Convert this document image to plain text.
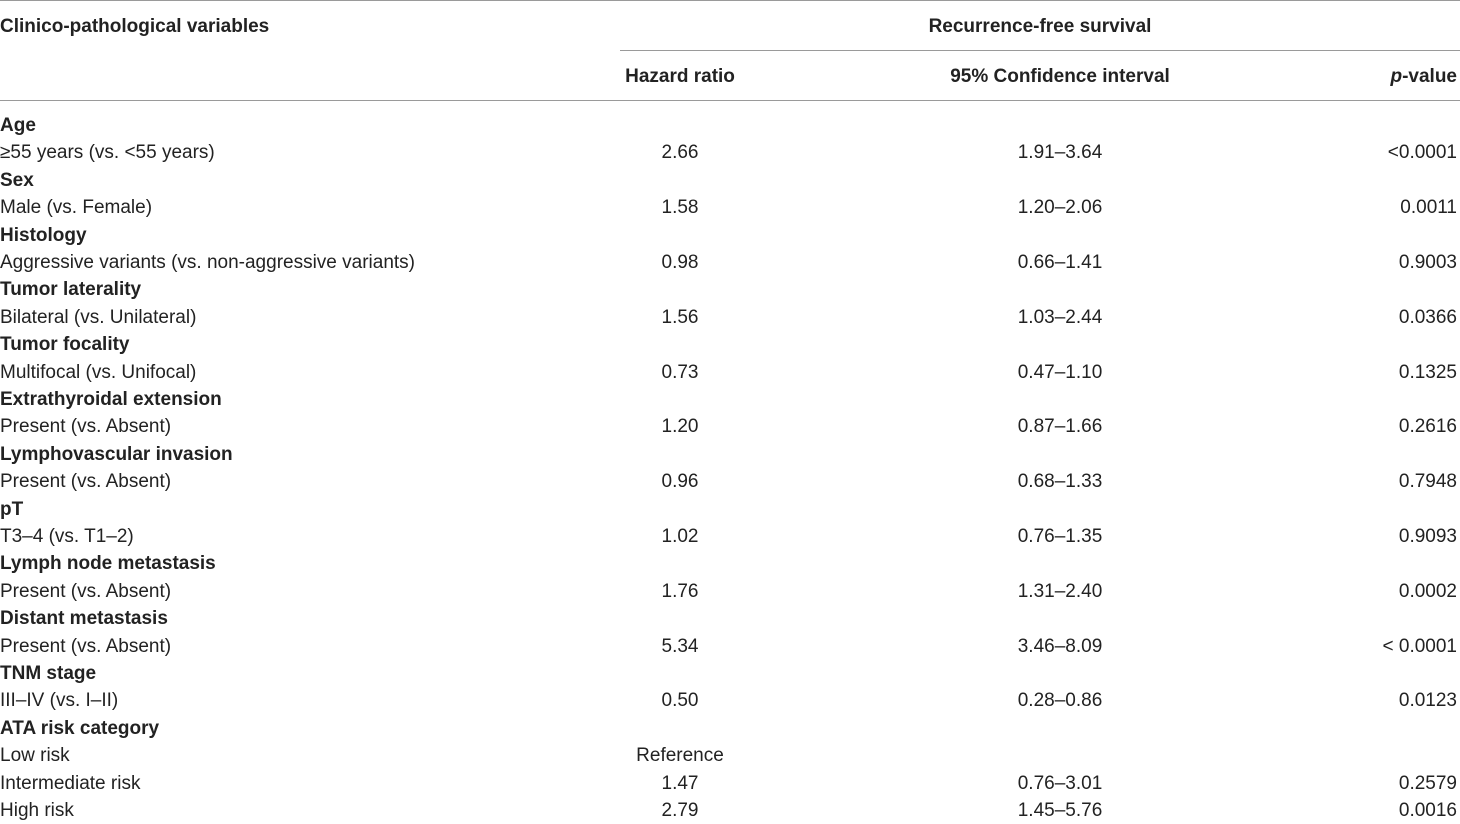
Clinico-pathological variables	Recurrence-free survival
Hazard ratio	95% Confidence interval	p-value
Age
≥55 years (vs. <55 years)	2.66	1.91–3.64	<0.0001
Sex
Male (vs. Female)	1.58	1.20–2.06	0.0011
Histology
Aggressive variants (vs. non-aggressive variants)	0.98	0.66–1.41	0.9003
Tumor laterality
Bilateral (vs. Unilateral)	1.56	1.03–2.44	0.0366
Tumor focality
Multifocal (vs. Unifocal)	0.73	0.47–1.10	0.1325
Extrathyroidal extension
Present (vs. Absent)	1.20	0.87–1.66	0.2616
Lymphovascular invasion
Present (vs. Absent)	0.96	0.68–1.33	0.7948
pT
T3–4 (vs. T1–2)	1.02	0.76–1.35	0.9093
Lymph node metastasis
Present (vs. Absent)	1.76	1.31–2.40	0.0002
Distant metastasis
Present (vs. Absent)	5.34	3.46–8.09	< 0.0001
TNM stage
III–IV (vs. I–II)	0.50	0.28–0.86	0.0123
ATA risk category
Low risk	Reference
Intermediate risk	1.47	0.76–3.01	0.2579
High risk	2.79	1.45–5.76	0.0016
